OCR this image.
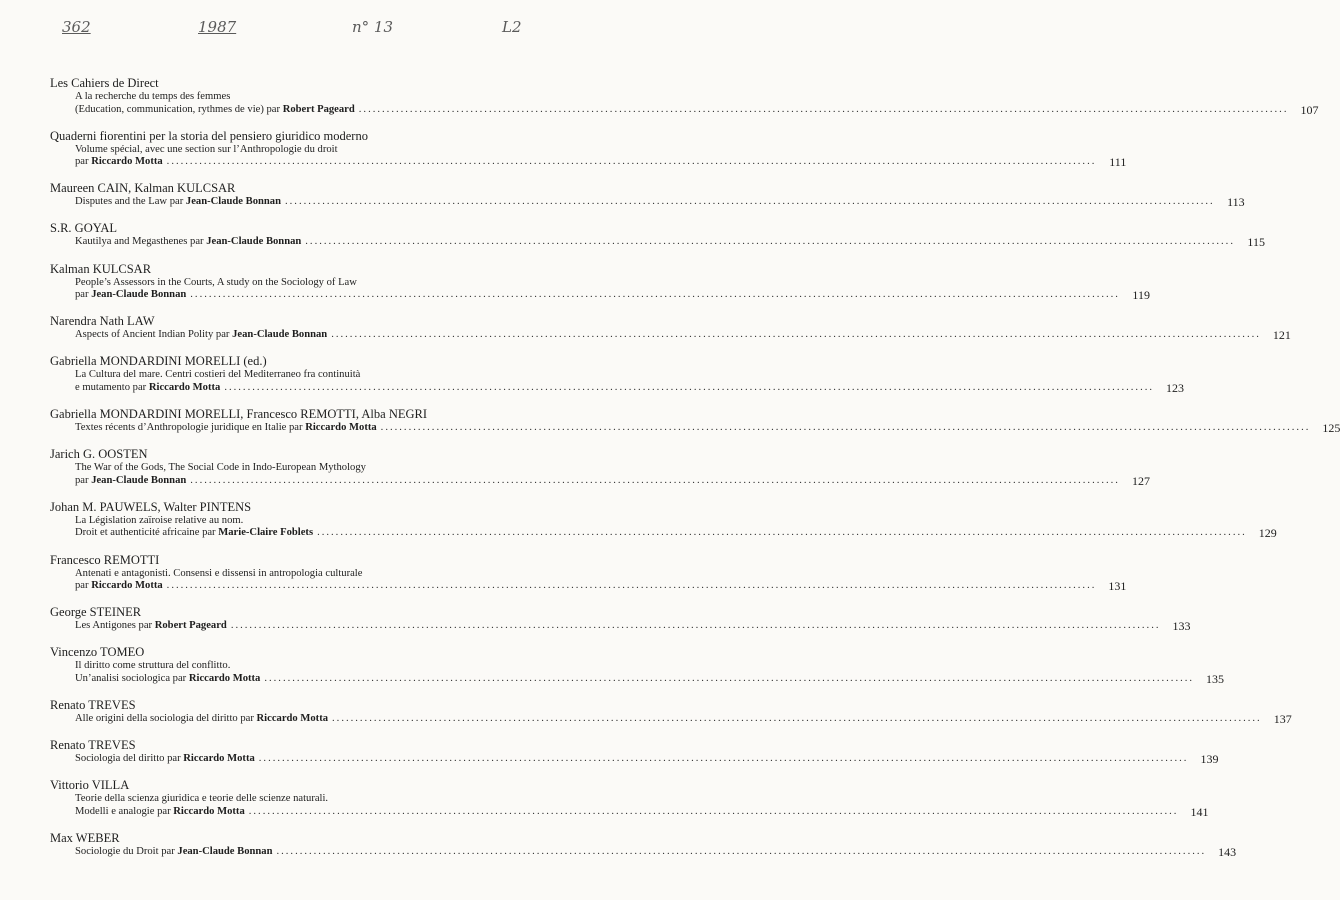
362	1987	n° 13	L2
Les Cahiers de Direct
A la recherche du temps des femmes
(Education, communication, rythmes de vie) par Robert Pageard ........................................................................................................................................................................................................	107
Quaderni fiorentini per la storia del pensiero giuridico moderno
Volume spécial, avec une section sur l’Anthropologie du droit
par Riccardo Motta ........................................................................................................................................................................................................	111
Maureen CAIN, Kalman KULCSAR
Disputes and the Law par Jean-Claude Bonnan ........................................................................................................................................................................................................	113
S.R. GOYAL
Kautilya and Megasthenes par Jean-Claude Bonnan ........................................................................................................................................................................................................	115
Kalman KULCSAR
People’s Assessors in the Courts, A study on the Sociology of Law
par Jean-Claude Bonnan ........................................................................................................................................................................................................	119
Narendra Nath LAW
Aspects of Ancient Indian Polity par Jean-Claude Bonnan ........................................................................................................................................................................................................	121
Gabriella MONDARDINI MORELLI (ed.)
La Cultura del mare. Centri costieri del Mediterraneo fra continuità
e mutamento par Riccardo Motta ........................................................................................................................................................................................................	123
Gabriella MONDARDINI MORELLI, Francesco REMOTTI, Alba NEGRI
Textes récents d’Anthropologie juridique en Italie par Riccardo Motta ........................................................................................................................................................................................................	125
Jarich G. OOSTEN
The War of the Gods, The Social Code in Indo-European Mythology
par Jean-Claude Bonnan ........................................................................................................................................................................................................	127
Johan M. PAUWELS, Walter PINTENS
La Législation zaïroise relative au nom.
Droit et authenticité africaine par Marie-Claire Foblets ........................................................................................................................................................................................................	129
Francesco REMOTTI
Antenati e antagonisti. Consensi e dissensi in antropologia culturale
par Riccardo Motta ........................................................................................................................................................................................................	131
George STEINER
Les Antigones par Robert Pageard ........................................................................................................................................................................................................	133
Vincenzo TOMEO
Il diritto come struttura del conflitto.
Un’analisi sociologica par Riccardo Motta ........................................................................................................................................................................................................	135
Renato TREVES
Alle origini della sociologia del diritto par Riccardo Motta ........................................................................................................................................................................................................	137
Renato TREVES
Sociologia del diritto par Riccardo Motta ........................................................................................................................................................................................................	139
Vittorio VILLA
Teorie della scienza giuridica e teorie delle scienze naturali.
Modelli e analogie par Riccardo Motta ........................................................................................................................................................................................................	141
Max WEBER
Sociologie du Droit par Jean-Claude Bonnan ........................................................................................................................................................................................................	143
